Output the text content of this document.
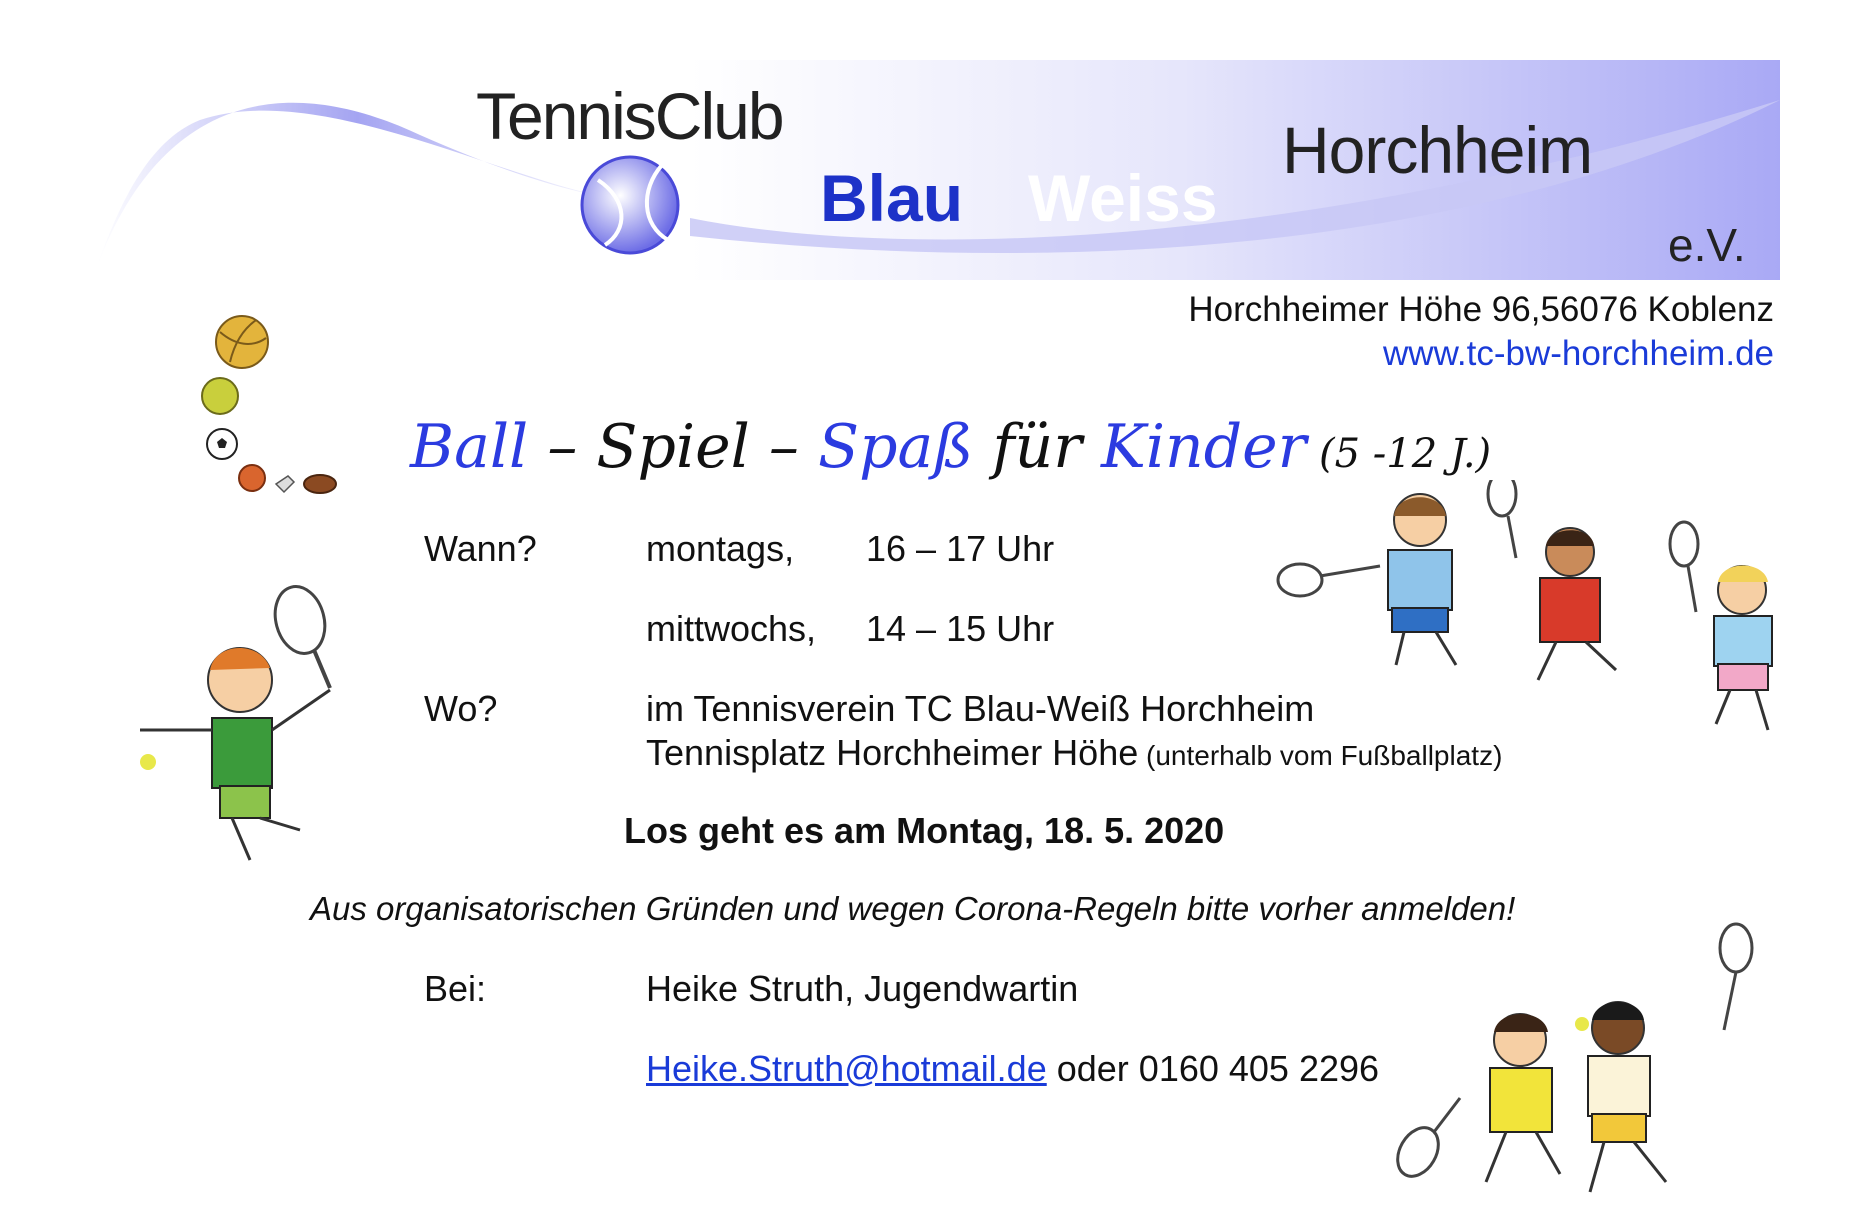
TennisClub
Blau Weiss
Horchheim
e.V.
Horchheimer Höhe 96,56076 Koblenz
www.tc-bw-horchheim.de
Ball – Spiel – Spaß für Kinder (5 -12 J.)
Wann?	montags, 16 – 17 Uhr
mittwochs, 14 – 15 Uhr
Wo?	im Tennisverein TC Blau-Weiß Horchheim
Tennisplatz Horchheimer Höhe (unterhalb vom Fußballplatz)
Los geht es am Montag, 18. 5. 2020
Aus organisatorischen Gründen und wegen Corona-Regeln bitte vorher anmelden!
Bei:	Heike Struth, Jugendwartin
Heike.Struth@hotmail.de oder 0160 405 2296
